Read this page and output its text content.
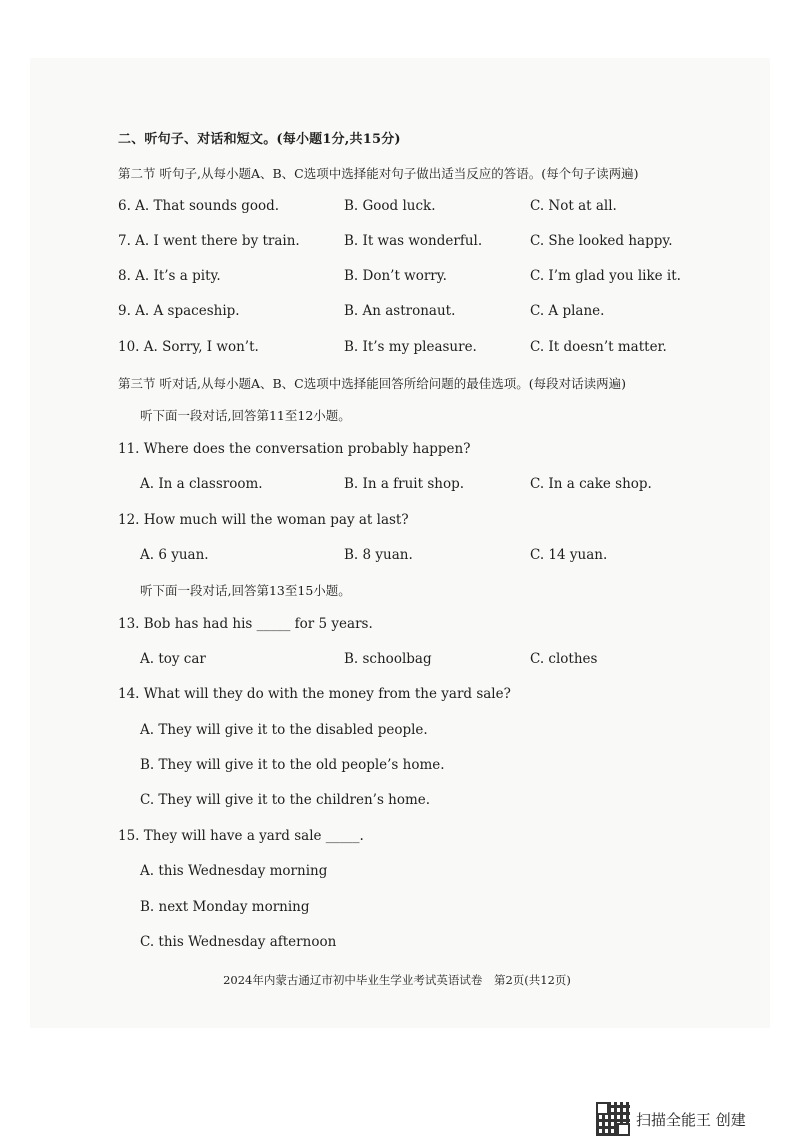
二、听句子、对话和短文。(每小题1分,共15分)
第二节 听句子,从每小题A、B、C选项中选择能对句子做出适当反应的答语。(每个句子读两遍)
6. A. That sounds good.	B. Good luck.	C. Not at all.
7. A. I went there by train.	B. It was wonderful.	C. She looked happy.
8. A. It’s a pity.	B. Don’t worry.	C. I’m glad you like it.
9. A. A spaceship.	B. An astronaut.	C. A plane.
10. A. Sorry, I won’t.	B. It’s my pleasure.	C. It doesn’t matter.
第三节 听对话,从每小题A、B、C选项中选择能回答所给问题的最佳选项。(每段对话读两遍)
听下面一段对话,回答第11至12小题。
11. Where does the conversation probably happen?
A. In a classroom.	B. In a fruit shop.	C. In a cake shop.
12. How much will the woman pay at last?
A. 6 yuan.	B. 8 yuan.	C. 14 yuan.
听下面一段对话,回答第13至15小题。
13. Bob has had his _____ for 5 years.
A. toy car	B. schoolbag	C. clothes
14. What will they do with the money from the yard sale?
A. They will give it to the disabled people.
B. They will give it to the old people’s home.
C. They will give it to the children’s home.
15. They will have a yard sale _____.
A. this Wednesday morning
B. next Monday morning
C. this Wednesday afternoon
2024年内蒙古通辽市初中毕业生学业考试英语试卷 第2页(共12页)
扫描全能王 创建
